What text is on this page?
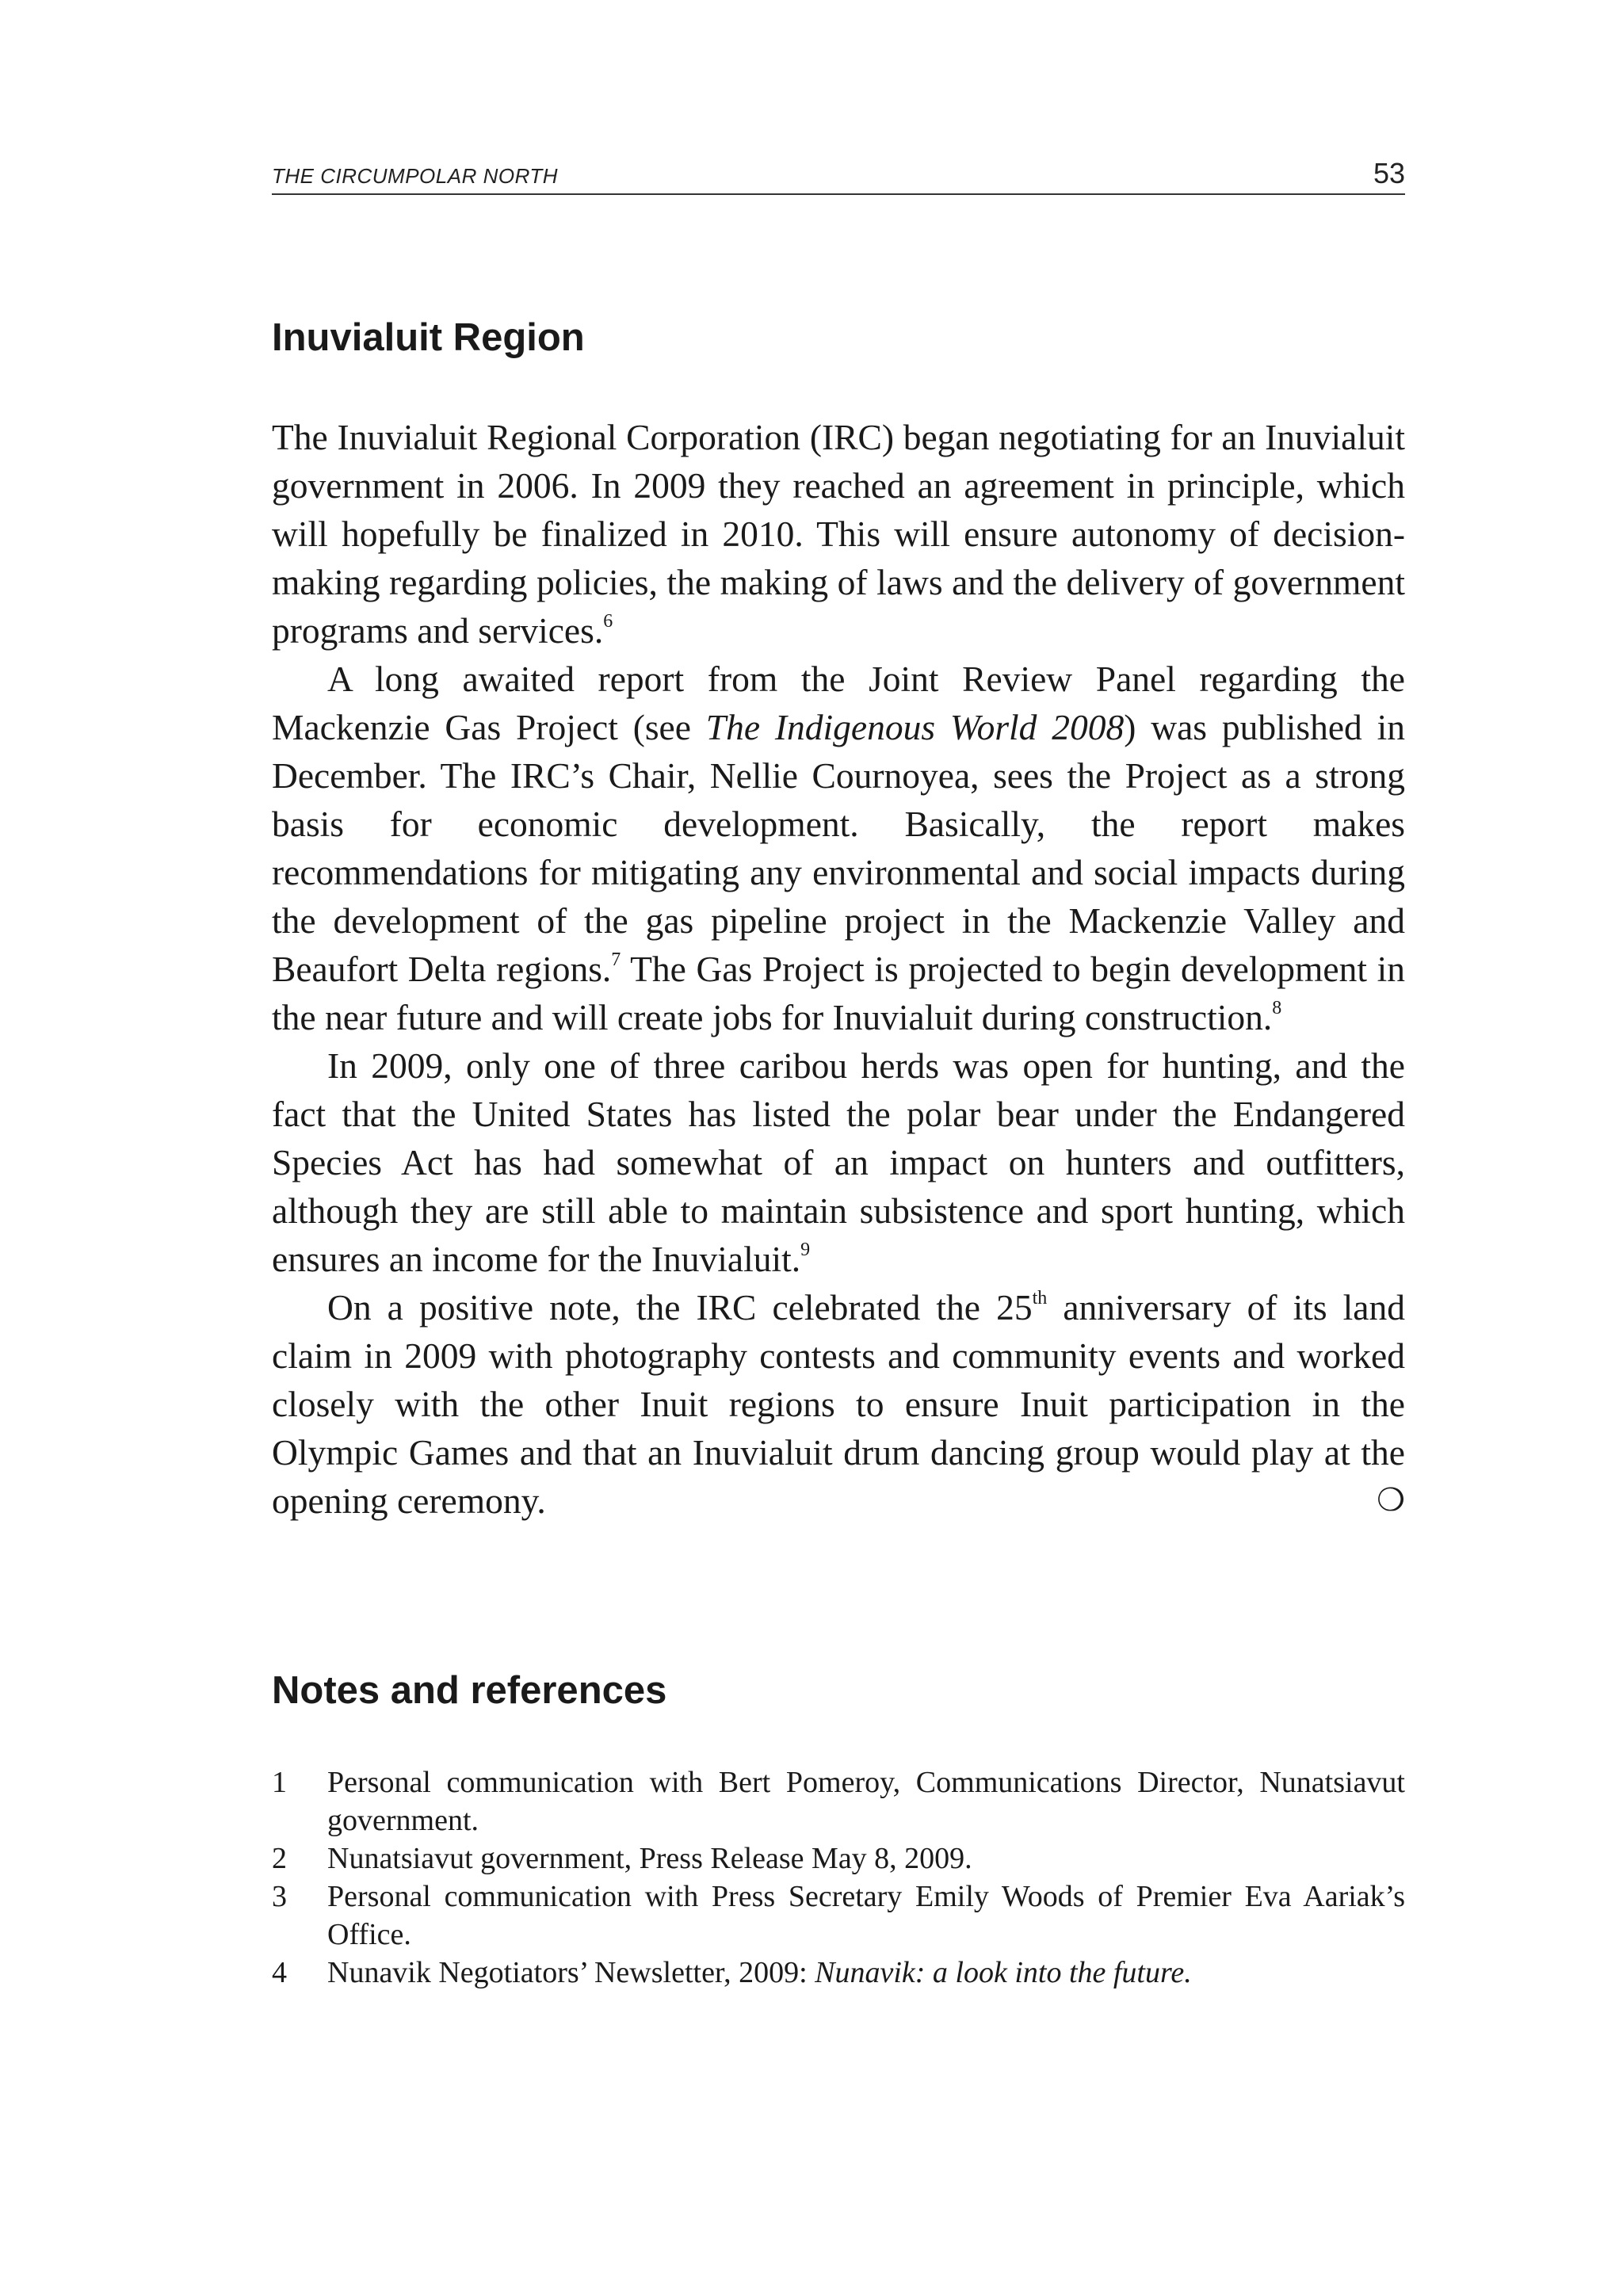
THE CIRCUMPOLAR NORTH	53
Inuvialuit Region

The Inuvialuit Regional Corporation (IRC) began negotiating for an Inuvialuit government in 2006. In 2009 they reached an agreement in principle, which will hopefully be finalized in 2010. This will ensure autonomy of decision-making regarding policies, the making of laws and the delivery of government programs and services.$^6$

A long awaited report from the Joint Review Panel regarding the Mackenzie Gas Project (see The Indigenous World 2008) was published in December. The IRC’s Chair, Nellie Cournoyea, sees the Project as a strong basis for economic development. Basically, the report makes recommendations for mitigating any environmental and social impacts during the development of the gas pipeline project in the Mackenzie Valley and Beaufort Delta regions.$^7$ The Gas Project is projected to begin development in the near future and will create jobs for Inuvialuit during construction.$^8$

In 2009, only one of three caribou herds was open for hunting, and the fact that the United States has listed the polar bear under the Endangered Species Act has had somewhat of an impact on hunters and outfitters, although they are still able to maintain subsistence and sport hunting, which ensures an income for the Inuvialuit.$^9$

On a positive note, the IRC celebrated the 25th anniversary of its land claim in 2009 with photography contests and community events and worked closely with the other Inuit regions to ensure Inuit participation in the Olympic Games and that an Inuvialuit drum dancing group would play at the opening ceremony.	❍

Notes and references
1 Personal communication with Bert Pomeroy, Communications Director, Nunatsiavut government.
2 Nunatsiavut government, Press Release May 8, 2009.
3 Personal communication with Press Secretary Emily Woods of Premier Eva Aariak’s Office.
4 Nunavik Negotiators’ Newsletter, 2009: Nunavik: a look into the future.
